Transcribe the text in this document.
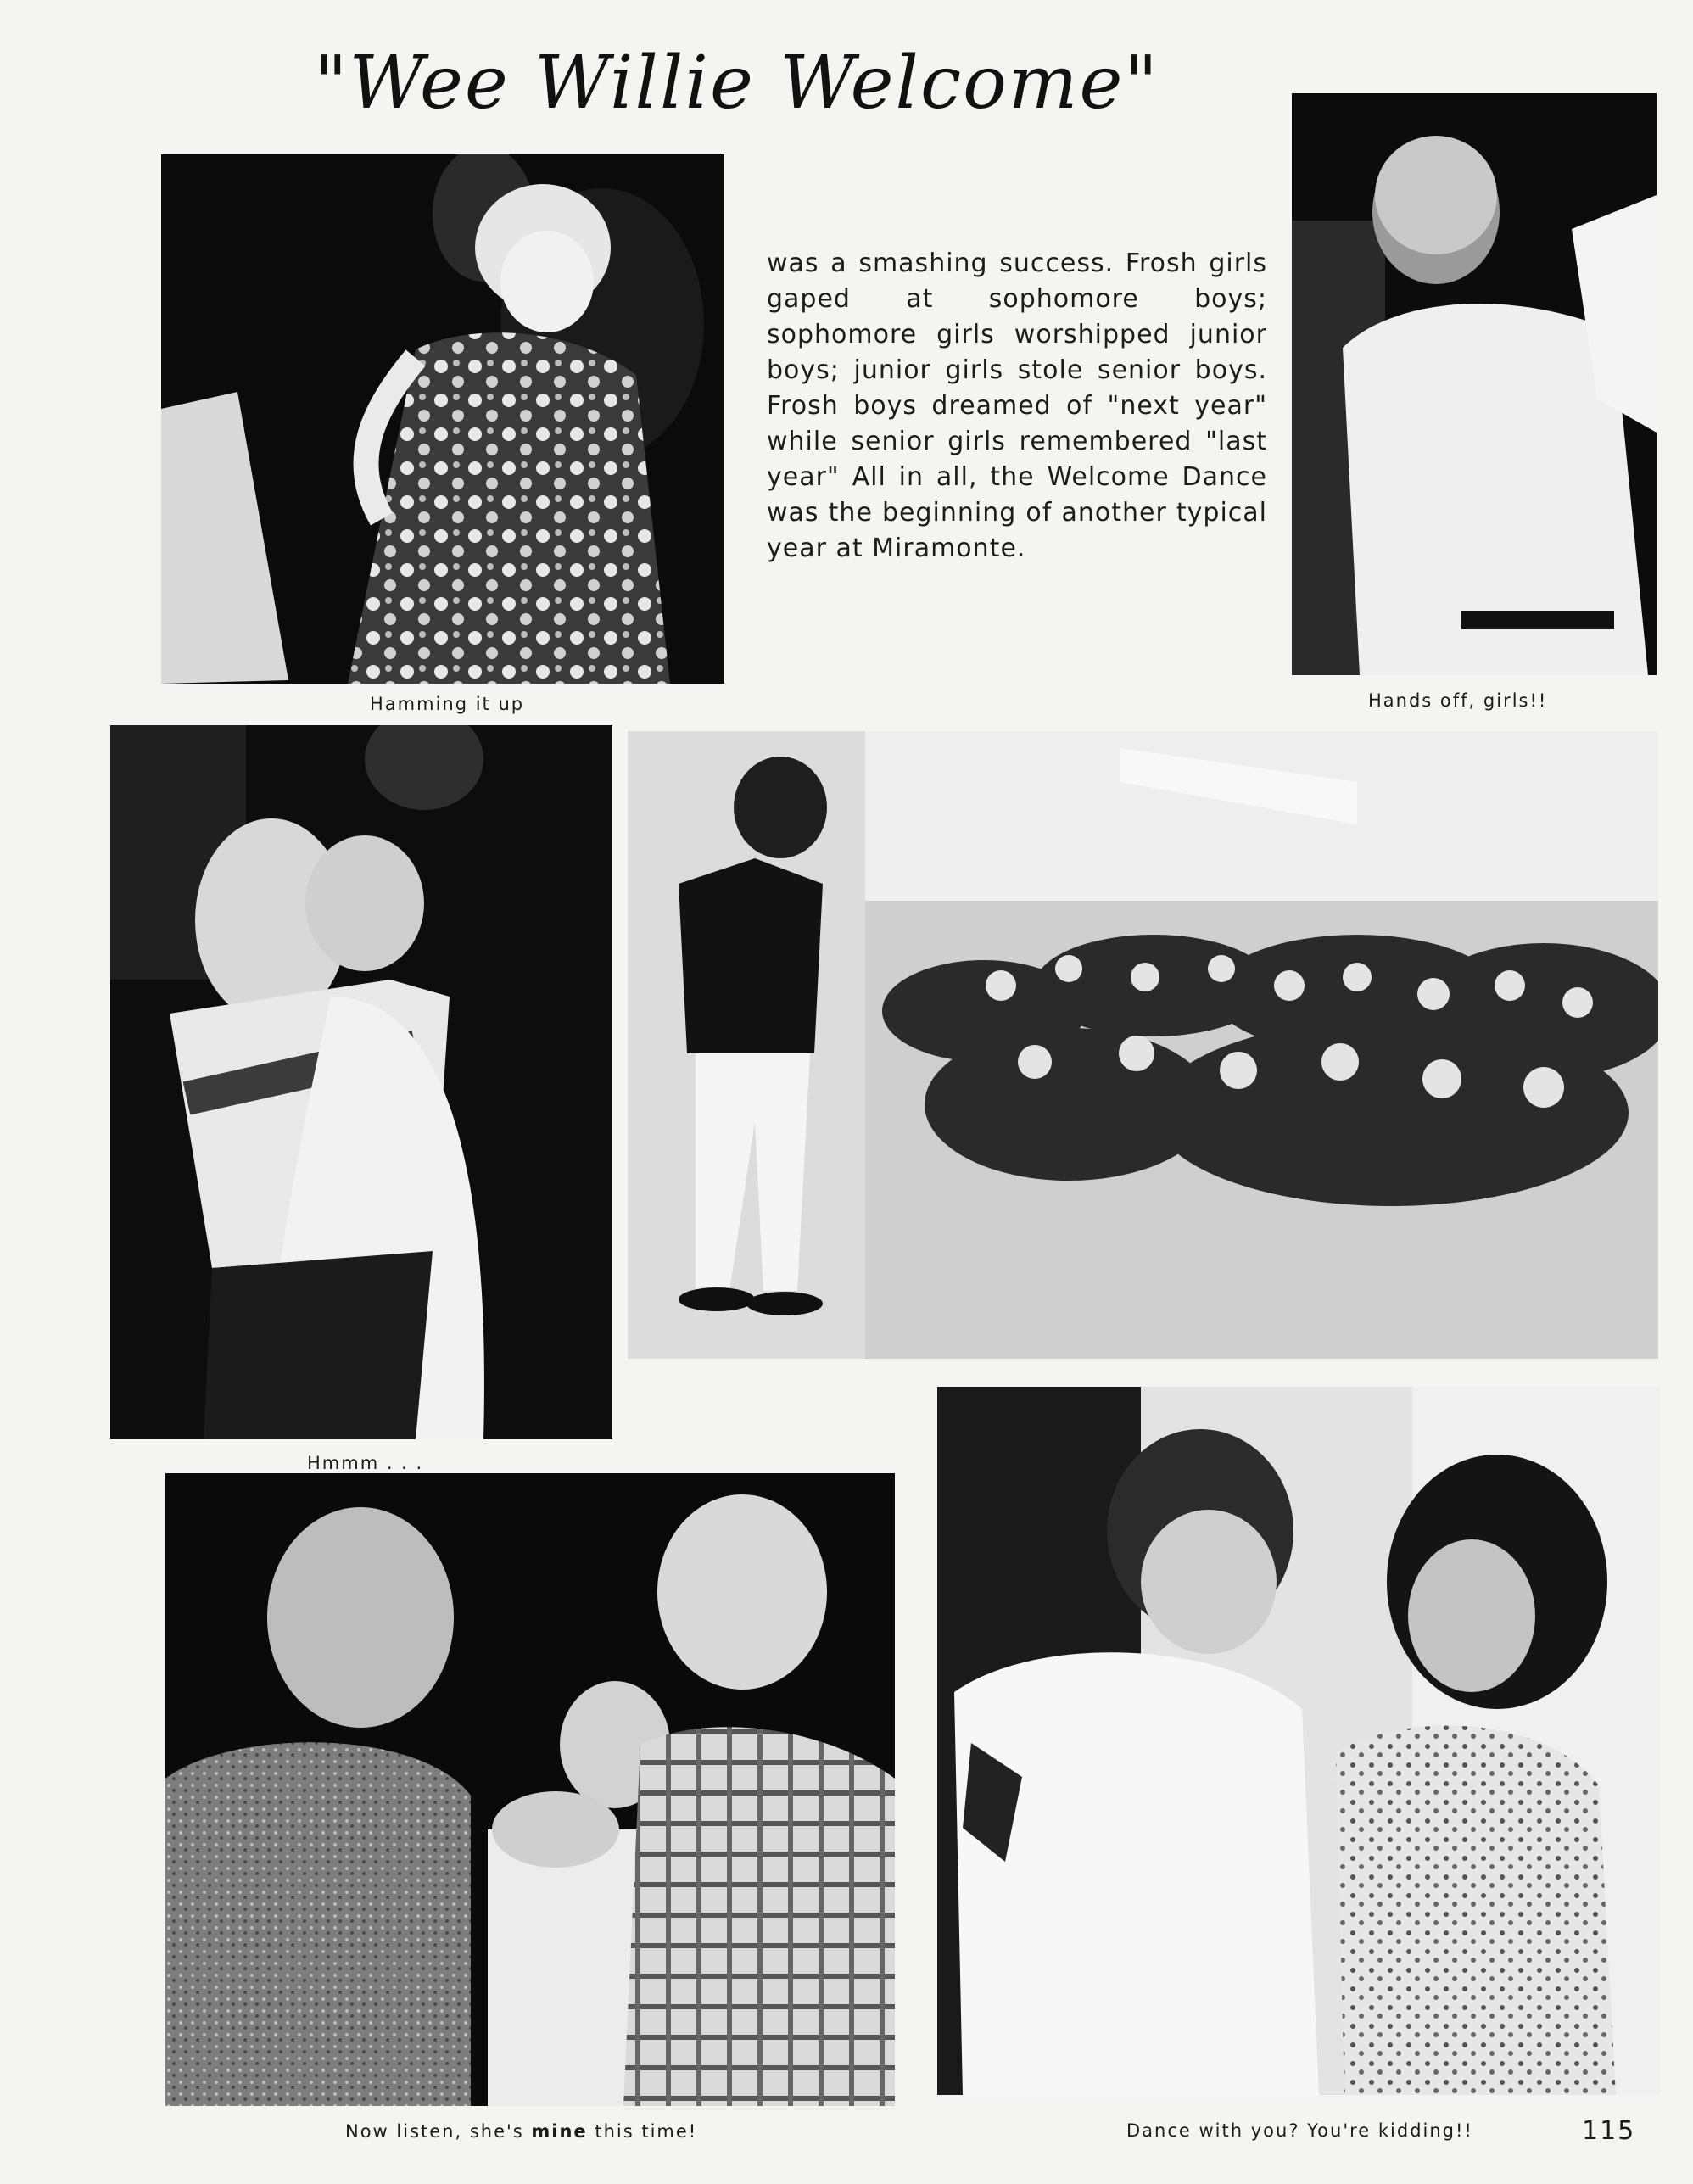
"Wee Willie Welcome"
Hamming it up

was a smashing success. Frosh girls gaped at sophomore boys; sophomore girls worshipped junior boys; junior girls stole senior boys. Frosh boys dreamed of "next year" while senior girls remembered "last year" All in all, the Welcome Dance was the beginning of another typical year at Miramonte.

Hands off, girls!!
Hmmm . . .
Now listen, she's mine this time!	Dance with you? You're kidding!!	115
